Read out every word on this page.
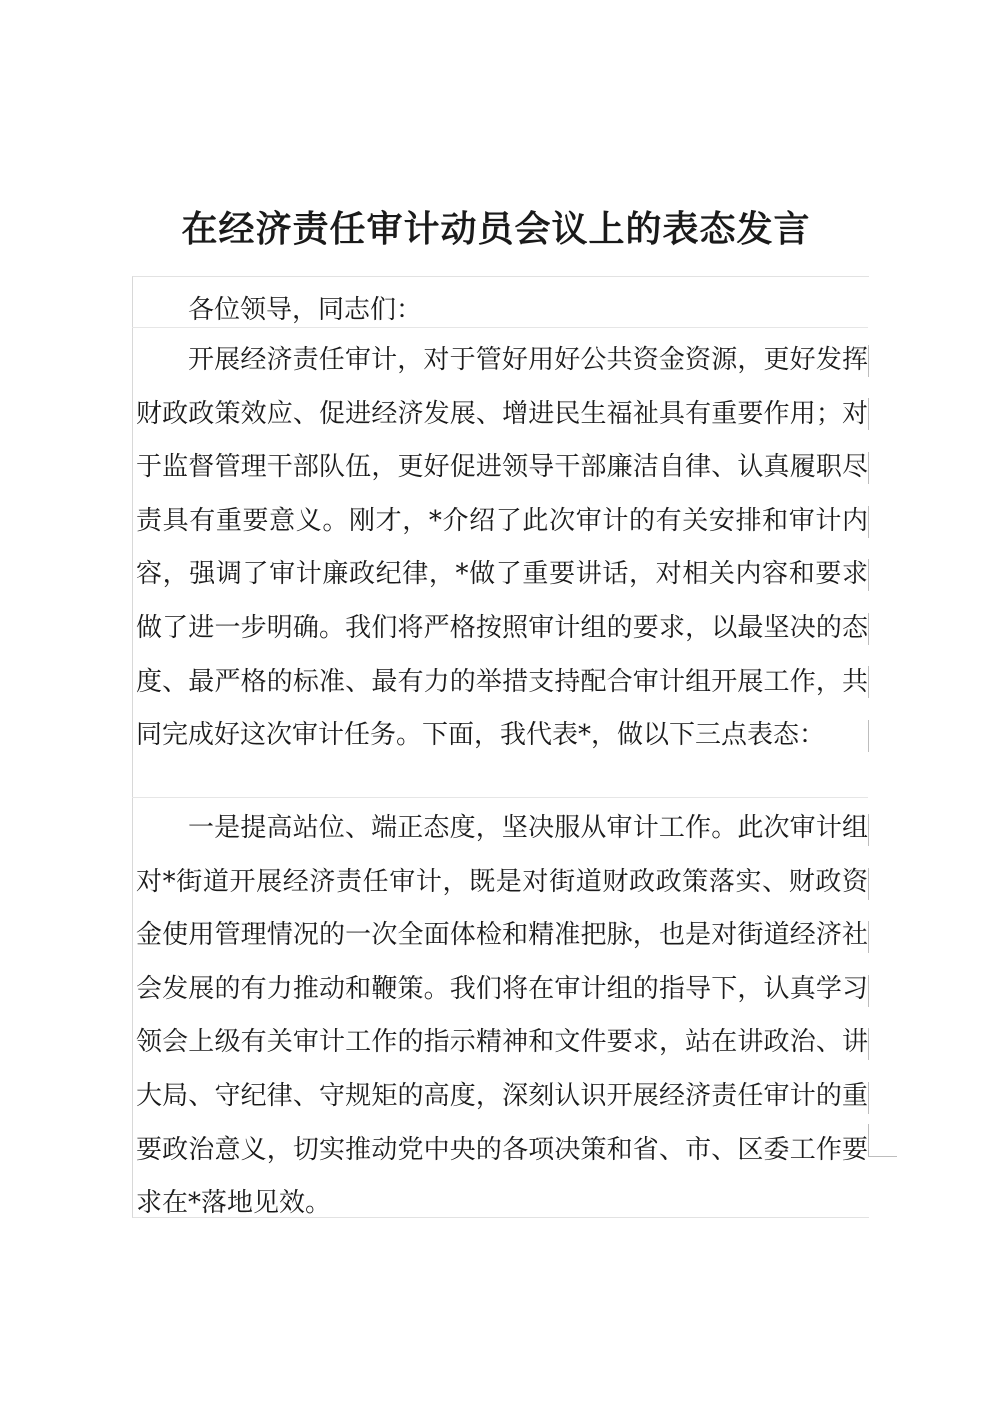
在经济责任审计动员会议上的表态发言

各位领导，同志们：

开展经济责任审计，对于管好用好公共资金资源，更好发挥财政政策效应、促进经济发展、增进民生福祉具有重要作用；对于监督管理干部队伍，更好促进领导干部廉洁自律、认真履职尽责具有重要意义。刚才，*介绍了此次审计的有关安排和审计内容，强调了审计廉政纪律，*做了重要讲话，对相关内容和要求做了进一步明确。我们将严格按照审计组的要求，以最坚决的态度、最严格的标准、最有力的举措支持配合审计组开展工作，共同完成好这次审计任务。下面，我代表*，做以下三点表态：

一是提高站位、端正态度，坚决服从审计工作。此次审计组对*街道开展经济责任审计，既是对街道财政政策落实、财政资金使用管理情况的一次全面体检和精准把脉，也是对街道经济社会发展的有力推动和鞭策。我们将在审计组的指导下，认真学习领会上级有关审计工作的指示精神和文件要求，站在讲政治、讲大局、守纪律、守规矩的高度，深刻认识开展经济责任审计的重要政治意义，切实推动党中央的各项决策和省、市、区委工作要求在*落地见效。
